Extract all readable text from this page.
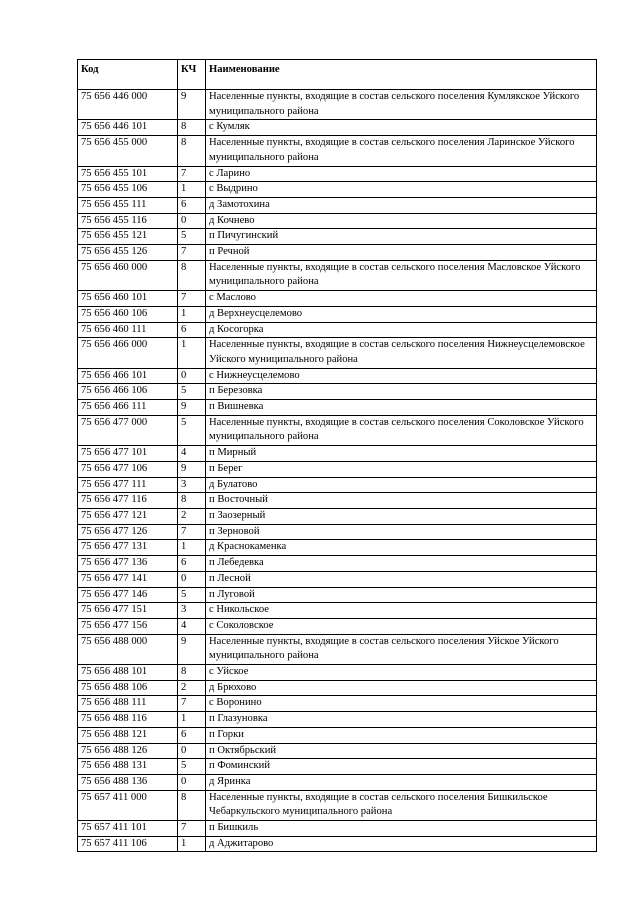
Код	КЧ	Наименование
75 656 446 000	9	Населенные пункты, входящие в состав сельского поселения Кумлякское Уйского муниципального района
75 656 446 101	8	с Кумляк
75 656 455 000	8	Населенные пункты, входящие в состав сельского поселения Ларинское Уйского муниципального района
75 656 455 101	7	с Ларино
75 656 455 106	1	с Выдрино
75 656 455 111	6	д Замотохина
75 656 455 116	0	д Кочнево
75 656 455 121	5	п Пичугинский
75 656 455 126	7	п Речной
75 656 460 000	8	Населенные пункты, входящие в состав сельского поселения Масловское Уйского муниципального района
75 656 460 101	7	с Маслово
75 656 460 106	1	д Верхнеусцелемово
75 656 460 111	6	д Косогорка
75 656 466 000	1	Населенные пункты, входящие в состав сельского поселения Нижнеусцелемовское Уйского муниципального района
75 656 466 101	0	с Нижнеусцелемово
75 656 466 106	5	п Березовка
75 656 466 111	9	п Вишневка
75 656 477 000	5	Населенные пункты, входящие в состав сельского поселения Соколовское Уйского муниципального района
75 656 477 101	4	п Мирный
75 656 477 106	9	п Берег
75 656 477 111	3	д Булатово
75 656 477 116	8	п Восточный
75 656 477 121	2	п Заозерный
75 656 477 126	7	п Зерновой
75 656 477 131	1	д Краснокаменка
75 656 477 136	6	п Лебедевка
75 656 477 141	0	п Лесной
75 656 477 146	5	п Луговой
75 656 477 151	3	с Никольское
75 656 477 156	4	с Соколовское
75 656 488 000	9	Населенные пункты, входящие в состав сельского поселения Уйское Уйского муниципального района
75 656 488 101	8	с Уйское
75 656 488 106	2	д Брюхово
75 656 488 111	7	с Воронино
75 656 488 116	1	п Глазуновка
75 656 488 121	6	п Горки
75 656 488 126	0	п Октябрьский
75 656 488 131	5	п Фоминский
75 656 488 136	0	д Яринка
75 657 411 000	8	Населенные пункты, входящие в состав сельского поселения Бишкильское Чебаркульского муниципального района
75 657 411 101	7	п Бишкиль
75 657 411 106	1	д Аджитарово
